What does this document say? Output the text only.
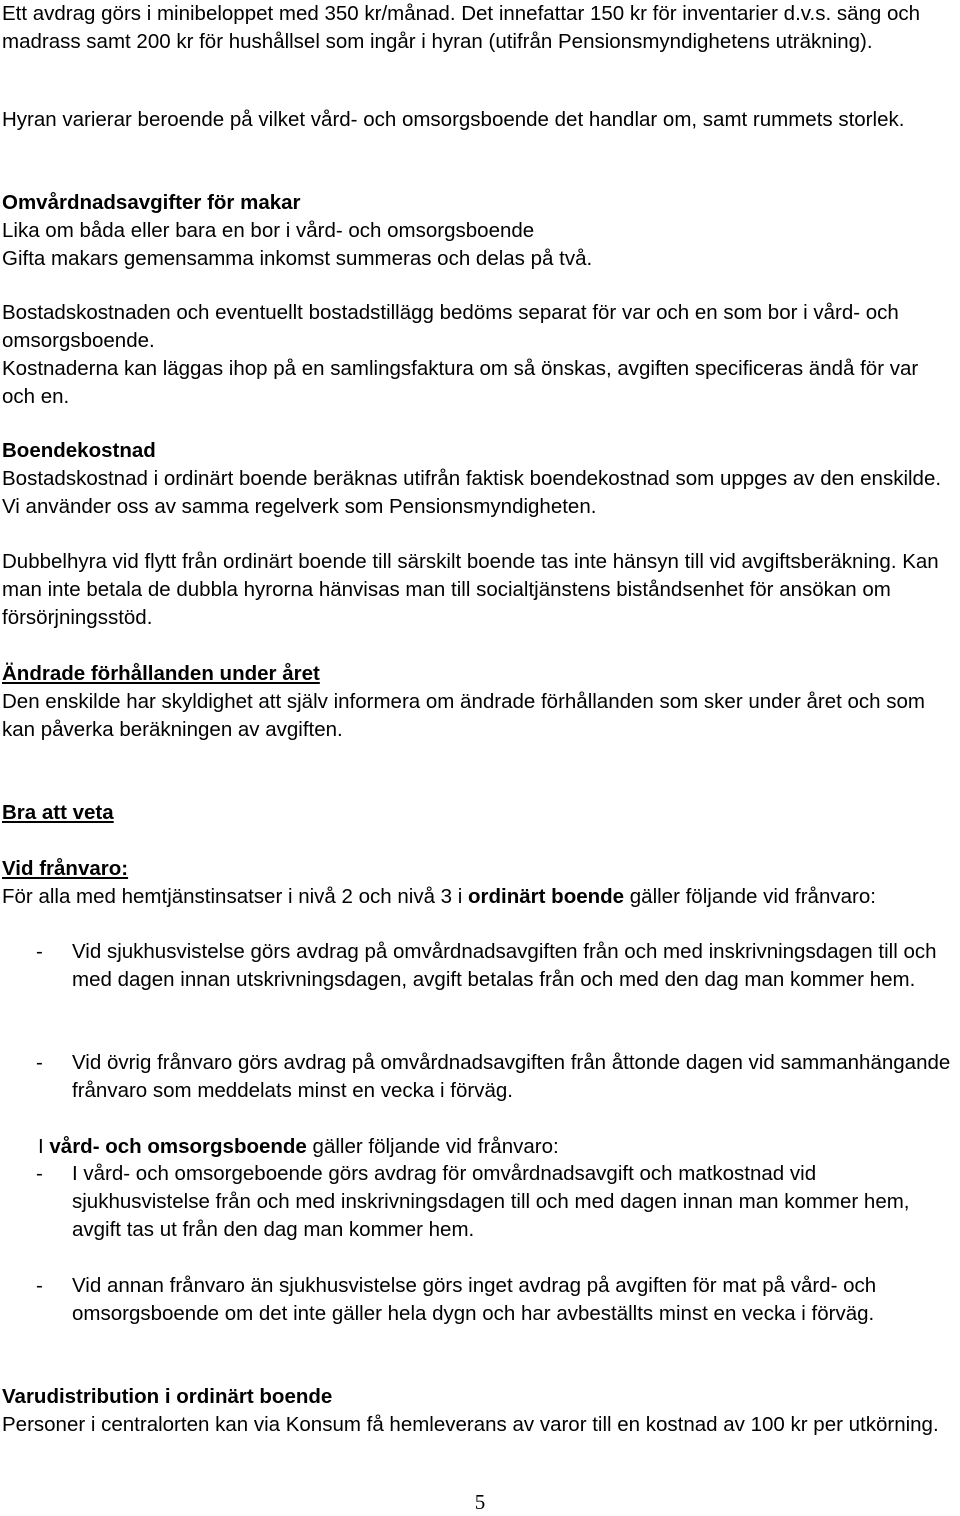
Ett avdrag görs i minibeloppet med 350 kr/månad. Det innefattar 150 kr för inventarier d.v.s. säng och madrass samt 200 kr för hushållsel som ingår i hyran (utifrån Pensionsmyndighetens uträkning).

Hyran varierar beroende på vilket vård- och omsorgsboende det handlar om, samt rummets storlek.

Omvårdnadsavgifter för makar

Lika om båda eller bara en bor i vård- och omsorgsboende

Gifta makars gemensamma inkomst summeras och delas på två.

Bostadskostnaden och eventuellt bostadstillägg bedöms separat för var och en som bor i vård- och omsorgsboende.

Kostnaderna kan läggas ihop på en samlingsfaktura om så önskas, avgiften specificeras ändå för var och en.

Boendekostnad

Bostadskostnad i ordinärt boende beräknas utifrån faktisk boendekostnad som uppges av den enskilde. Vi använder oss av samma regelverk som Pensionsmyndigheten.

Dubbelhyra vid flytt från ordinärt boende till särskilt boende tas inte hänsyn till vid avgiftsberäkning. Kan man inte betala de dubbla hyrorna hänvisas man till socialtjänstens biståndsenhet för ansökan om försörjningsstöd.

Ändrade förhållanden under året

Den enskilde har skyldighet att själv informera om ändrade förhållanden som sker under året och som kan påverka beräkningen av avgiften.

Bra att veta

Vid frånvaro:

För alla med hemtjänstinsatser i nivå 2 och nivå 3 i ordinärt boende gäller följande vid frånvaro:

- Vid sjukhusvistelse görs avdrag på omvårdnadsavgiften från och med inskrivningsdagen till och med dagen innan utskrivningsdagen, avgift betalas från och med den dag man kommer hem.

- Vid övrig frånvaro görs avdrag på omvårdnadsavgiften från åttonde dagen vid sammanhängande frånvaro som meddelats minst en vecka i förväg.

I vård- och omsorgsboende gäller följande vid frånvaro:

- I vård- och omsorgeboende görs avdrag för omvårdnadsavgift och matkostnad vid sjukhusvistelse från och med inskrivningsdagen till och med dagen innan man kommer hem, avgift tas ut från den dag man kommer hem.

- Vid annan frånvaro än sjukhusvistelse görs inget avdrag på avgiften för mat på vård- och omsorgsboende om det inte gäller hela dygn och har avbeställts minst en vecka i förväg.

Varudistribution i ordinärt boende

Personer i centralorten kan via Konsum få hemleverans av varor till en kostnad av 100 kr per utkörning.

5
